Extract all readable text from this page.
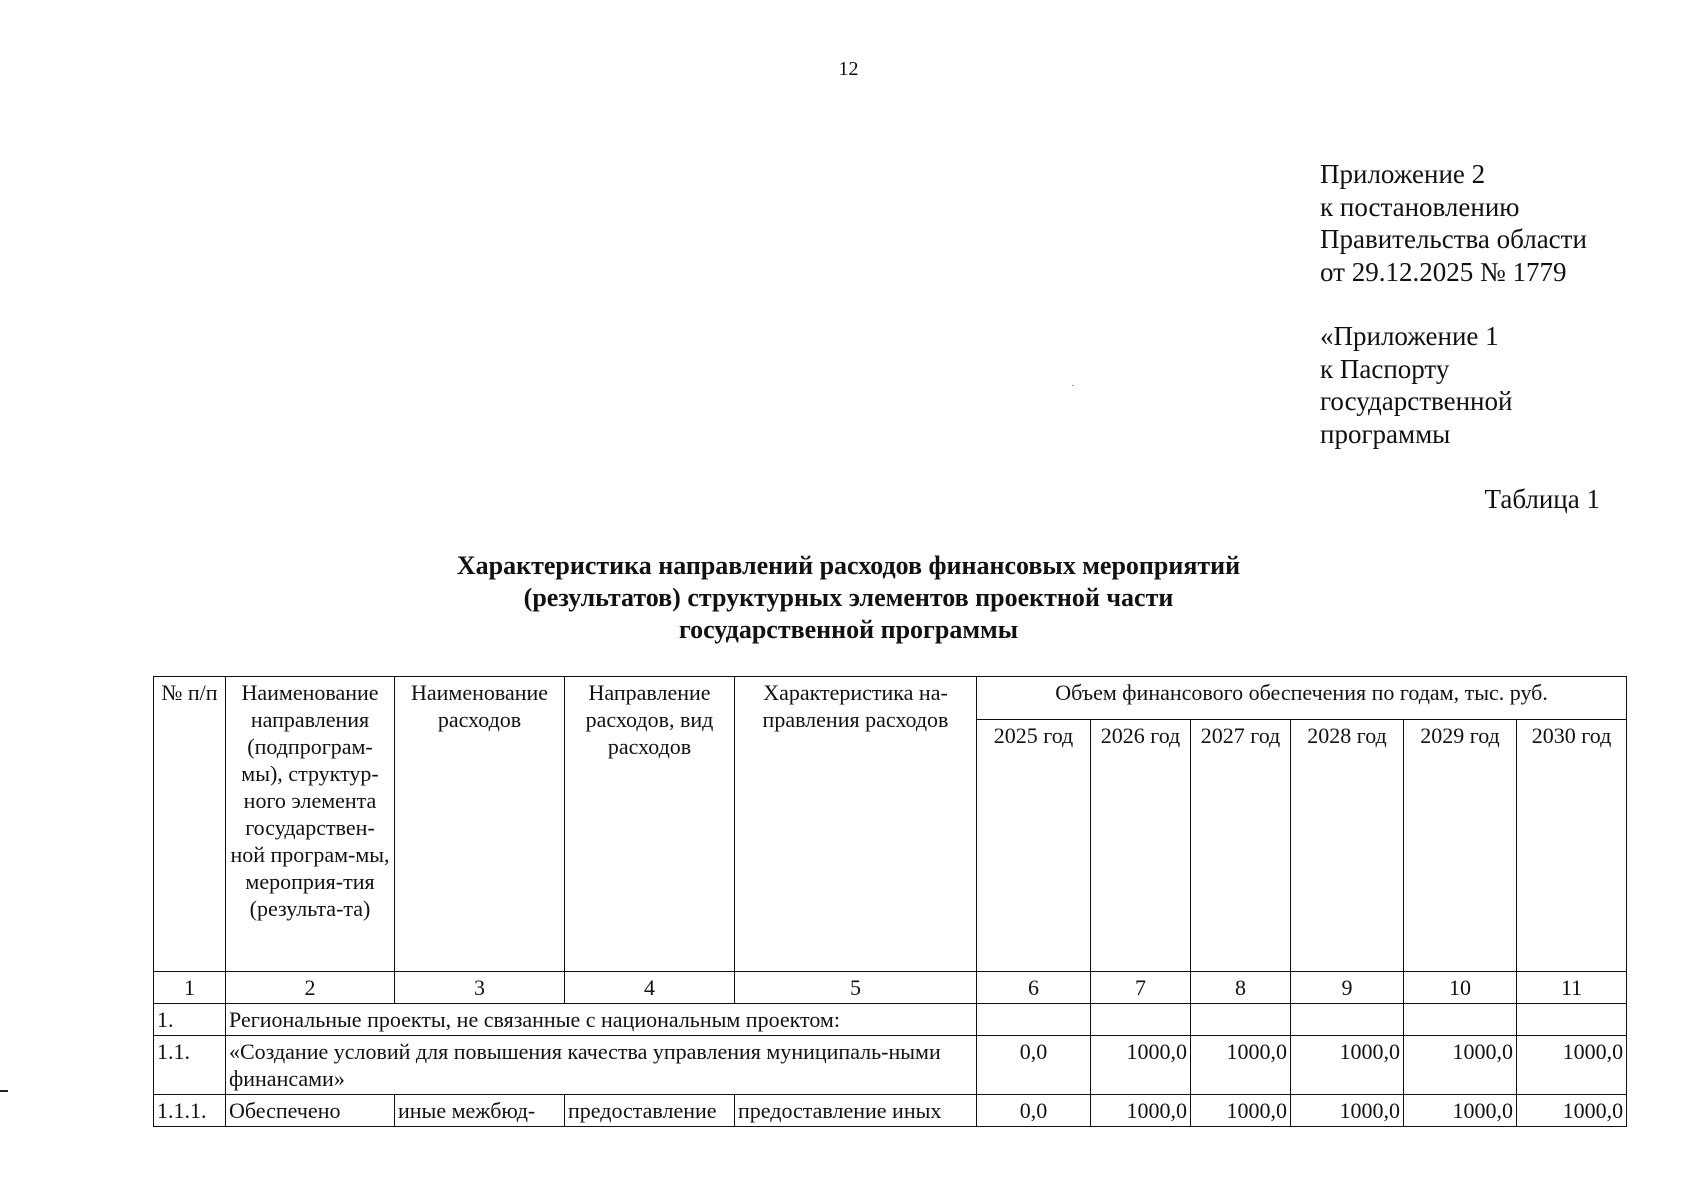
12
Приложение 2
к постановлению
Правительства области
от 29.12.2025 № 1779
«Приложение 1
к Паспорту
государственной
программы
Таблица 1
Характеристика направлений расходов финансовых мероприятий
(результатов) структурных элементов проектной части
государственной программы
№ п/п	Наименование направления (подпрограм-мы), структур-ного элемента государствен-ной програм-мы, мероприя-тия (результа-та)	Наименование расходов	Направление расходов, вид расходов	Характеристика на-правления расходов	Объем финансового обеспечения по годам, тыс. руб.					
					2025 год	2026 год	2027 год	2028 год	2029 год	2030 год
1	2	3	4	5	6	7	8	9	10	11
1.	Региональные проекты, не связанные с национальным проектом:									
1.1.	«Создание условий для повышения качества управления муниципаль-ными финансами»				0,0	1000,0	1000,0	1000,0	1000,0	1000,0
1.1.1.	Обеспечено	иные межбюд-	предоставление	предоставление иных	0,0	1000,0	1000,0	1000,0	1000,0	1000,0
